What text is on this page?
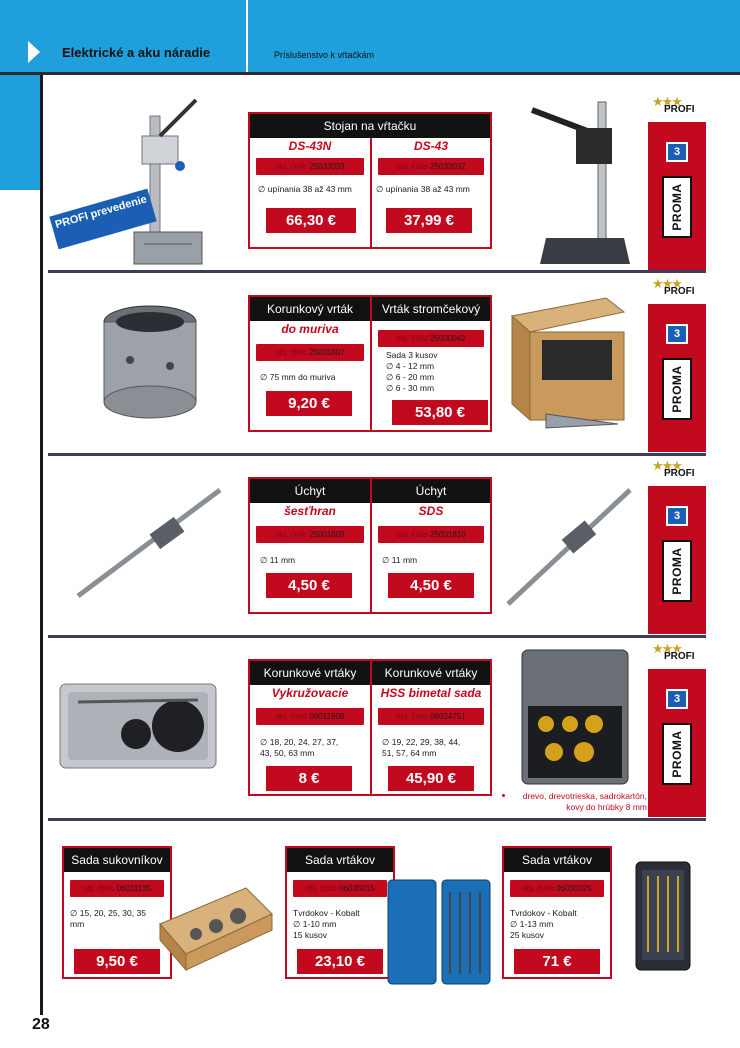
Elektrické a aku náradie	Príslušenstvo k vŕtačkám
PROFI prevedenie
Stojan na vŕtačku
DS-43N
obj. číslo 25033033
∅ upínania 38 až 43 mm
66,30 €
DS-43
obj. číslo 25033032
∅ upínania 38 až 43 mm
37,99 €
Korunkový vrták
do muriva
obj. číslo 25001807
∅ 75 mm do muriva
9,20 €
Vrták stromčekový
obj. číslo 25000042
Sada 3 kusov
∅ 4 - 12 mm
∅ 6 - 20 mm
∅ 6 - 30 mm
53,80 €
Úchyt
šesťhran
obj. číslo 25001809
∅ 11 mm
4,50 €
Úchyt
SDS
obj. číslo 25001810
∅ 11 mm
4,50 €
Korunkové vrtáky
Vykružovacie
obj. číslo 06011808
∅ 18, 20, 24, 27, 37,
43, 50, 63 mm
8 €
Korunkové vrtáky
HSS bimetal sada
obj. číslo 06024751
∅ 19, 22, 29, 38, 44,
51, 57, 64 mm
45,90 €
drevo, drevotrieska, sadrokartón,
kovy do hrúbky 8 mm
★★★
PROFI
3
PROMA
★★★
PROFI
3
PROMA
★★★
PROFI
3
PROMA
★★★
PROFI
3
PROMA
Sada sukovníkov
obj. číslo 06011135
∅ 15, 20, 25, 30, 35
mm
9,50 €
Sada vrtákov
obj. číslo 06035015
Tvrdokov - Kobalt
∅ 1-10 mm
15 kusov
23,10 €
Sada vrtákov
obj. číslo 06035025
Tvrdokov - Kobalt
∅ 1-13 mm
25 kusov
71 €
28
